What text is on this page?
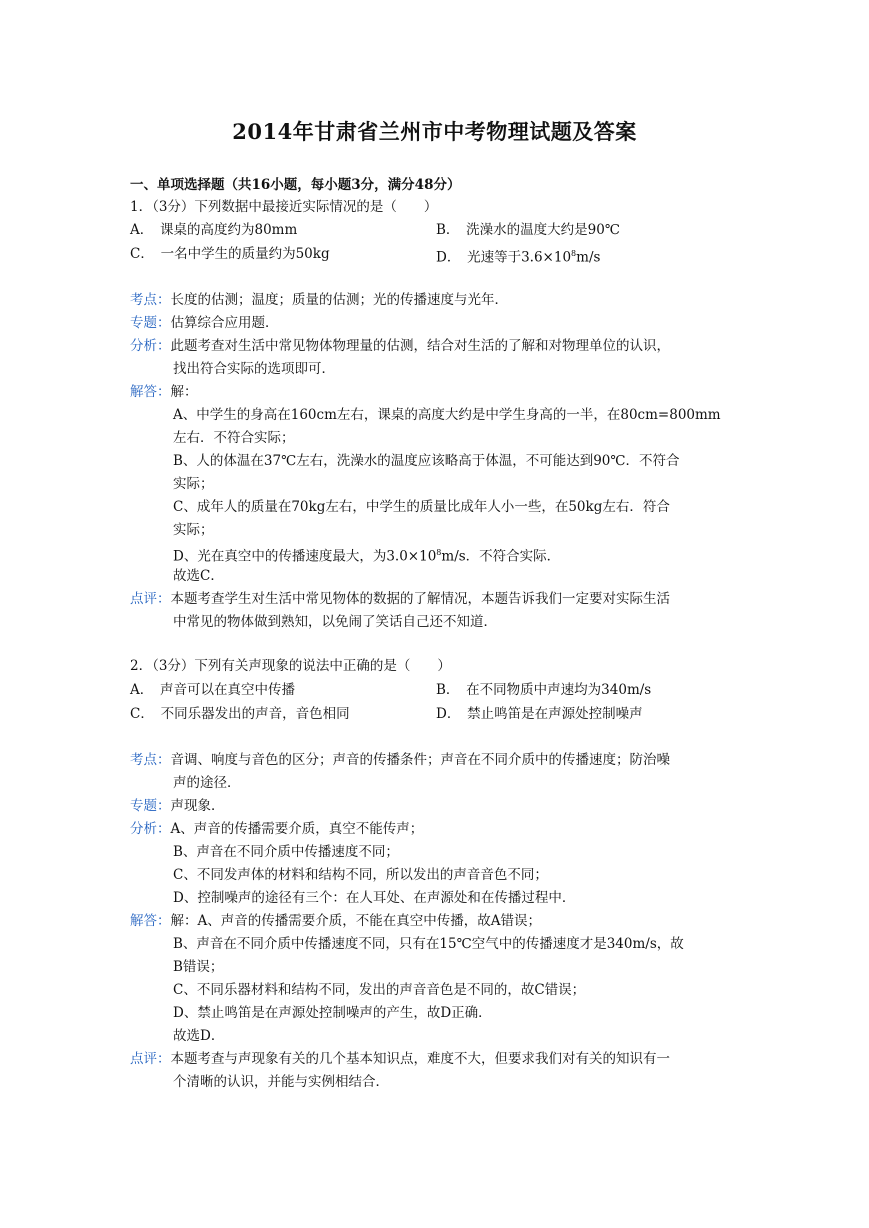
2014年甘肃省兰州市中考物理试题及答案
一、单项选择题（共16小题，每小题3分，满分48分）
1．（3分）下列数据中最接近实际情况的是（　　）
A．　课桌的高度约为80mm	B．　洗澡水的温度大约是90℃
C．　一名中学生的质量约为50kg	D．　光速等于$3.6\times 10^8m/s$
考点：长度的估测；温度；质量的估测；光的传播速度与光年．
专题：估算综合应用题．
分析：此题考查对生活中常见物体物理量的估测，结合对生活的了解和对物理单位的认识，
找出符合实际的选项即可．
解答：解：
A、中学生的身高在160cm左右，课桌的高度大约是中学生身高的一半，在80cm=800mm
左右．不符合实际；
B、人的体温在37℃左右，洗澡水的温度应该略高于体温，不可能达到90℃．不符合
实际；
C、成年人的质量在70kg左右，中学生的质量比成年人小一些，在50kg左右．符合
实际；
D、光在真空中的传播速度最大，为$3.0\times 10^8m/s$．不符合实际．
故选C．
点评：本题考查学生对生活中常见物体的数据的了解情况，本题告诉我们一定要对实际生活
中常见的物体做到熟知，以免闹了笑话自己还不知道．
2．（3分）下列有关声现象的说法中正确的是（　　）
A．　声音可以在真空中传播	B．　在不同物质中声速均为340m/s
C．　不同乐器发出的声音，音色相同	D．　禁止鸣笛是在声源处控制噪声
考点：音调、响度与音色的区分；声音的传播条件；声音在不同介质中的传播速度；防治噪
声的途径．
专题：声现象．
分析：A、声音的传播需要介质，真空不能传声；
B、声音在不同介质中传播速度不同；
C、不同发声体的材料和结构不同，所以发出的声音音色不同；
D、控制噪声的途径有三个：在人耳处、在声源处和在传播过程中．
解答：解：A、声音的传播需要介质，不能在真空中传播，故A错误；
B、声音在不同介质中传播速度不同，只有在15℃空气中的传播速度才是340m/s，故
B错误；
C、不同乐器材料和结构不同，发出的声音音色是不同的，故C错误；
D、禁止鸣笛是在声源处控制噪声的产生，故D正确．
故选D．
点评：本题考查与声现象有关的几个基本知识点，难度不大，但要求我们对有关的知识有一
个清晰的认识，并能与实例相结合．
